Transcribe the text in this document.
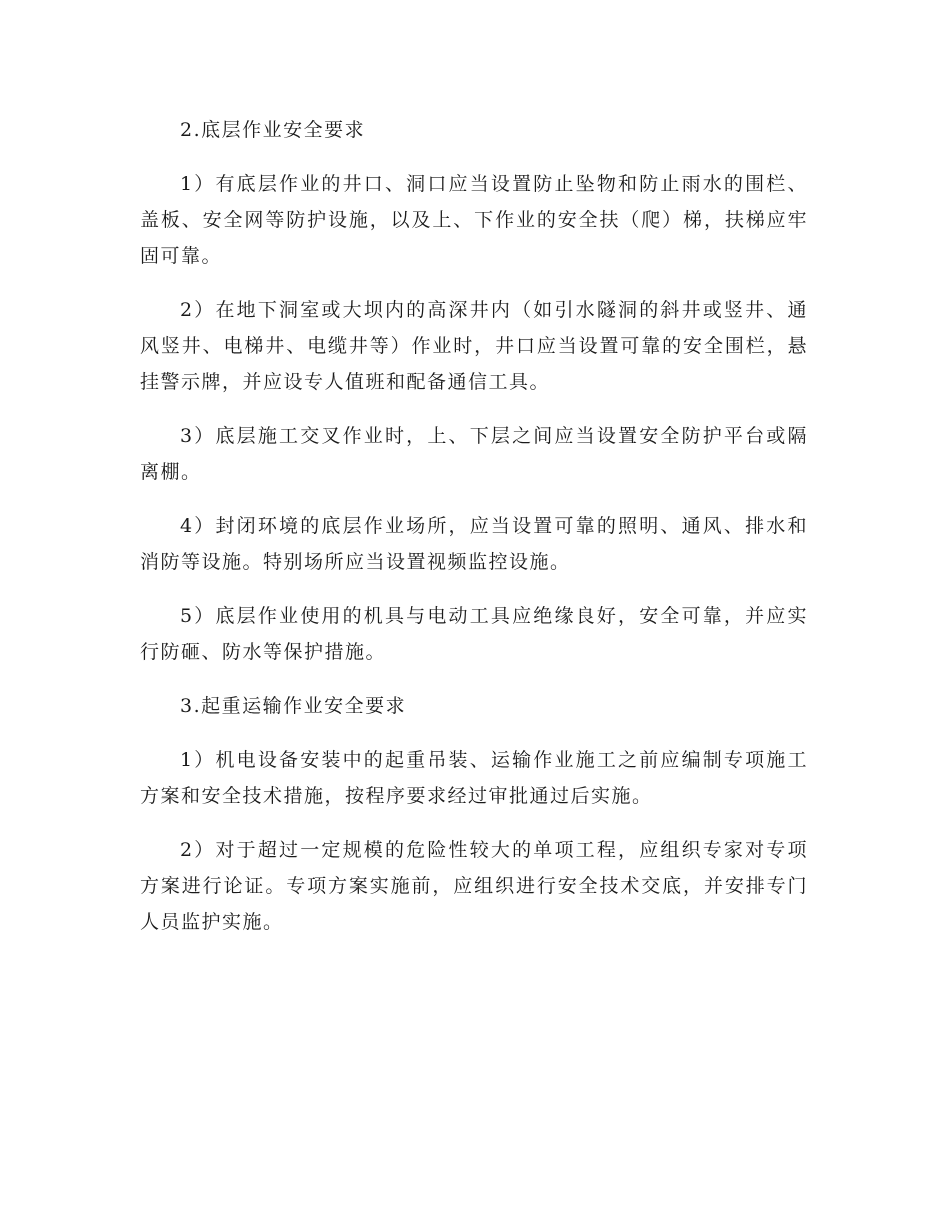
2.底层作业安全要求

1）有底层作业的井口、洞口应当设置防止坠物和防止雨水的围栏、盖板、安全网等防护设施，以及上、下作业的安全扶（爬）梯，扶梯应牢固可靠。

2）在地下洞室或大坝内的高深井内（如引水隧洞的斜井或竖井、通风竖井、电梯井、电缆井等）作业时，井口应当设置可靠的安全围栏，悬挂警示牌，并应设专人值班和配备通信工具。

3）底层施工交叉作业时，上、下层之间应当设置安全防护平台或隔离棚。

4）封闭环境的底层作业场所，应当设置可靠的照明、通风、排水和消防等设施。特别场所应当设置视频监控设施。

5）底层作业使用的机具与电动工具应绝缘良好，安全可靠，并应实行防砸、防水等保护措施。

3.起重运输作业安全要求

1）机电设备安装中的起重吊装、运输作业施工之前应编制专项施工方案和安全技术措施，按程序要求经过审批通过后实施。

2）对于超过一定规模的危险性较大的单项工程，应组织专家对专项方案进行论证。专项方案实施前，应组织进行安全技术交底，并安排专门人员监护实施。
